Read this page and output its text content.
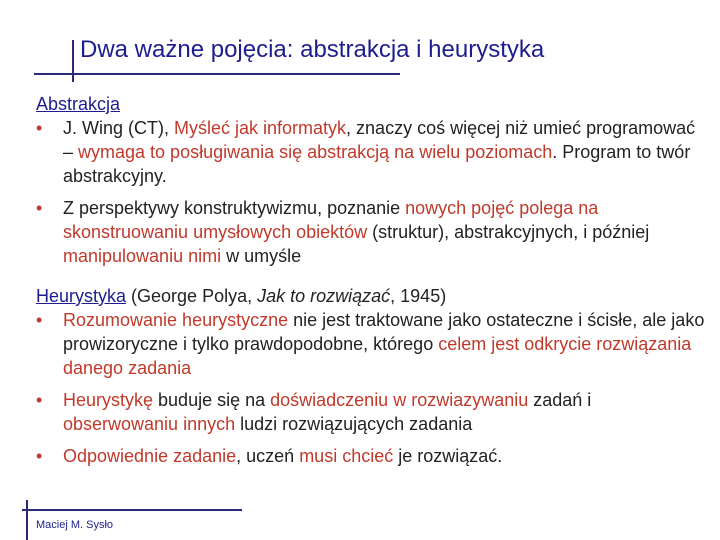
Dwa ważne pojęcia: abstrakcja i heurystyka
Abstrakcja
• J. Wing (CT), Myśleć jak informatyk, znaczy coś więcej niż umieć programować – wymaga to posługiwania się abstrakcją na wielu poziomach. Program to twór abstrakcyjny.
• Z perspektywy konstruktywizmu, poznanie nowych pojęć polega na skonstruowaniu umysłowych obiektów (struktur), abstrakcyjnych, i później manipulowaniu nimi w umyśle
Heurystyka (George Polya, Jak to rozwiązać, 1945)
• Rozumowanie heurystyczne nie jest traktowane jako ostateczne i ścisłe, ale jako prowizoryczne i tylko prawdopodobne, którego celem jest odkrycie rozwiązania danego zadania
• Heurystykę buduje się na doświadczeniu w rozwiazywaniu zadań i obserwowaniu innych ludzi rozwiązujących zadania
• Odpowiednie zadanie, uczeń musi chcieć je rozwiązać.
Maciej M. Sysło
